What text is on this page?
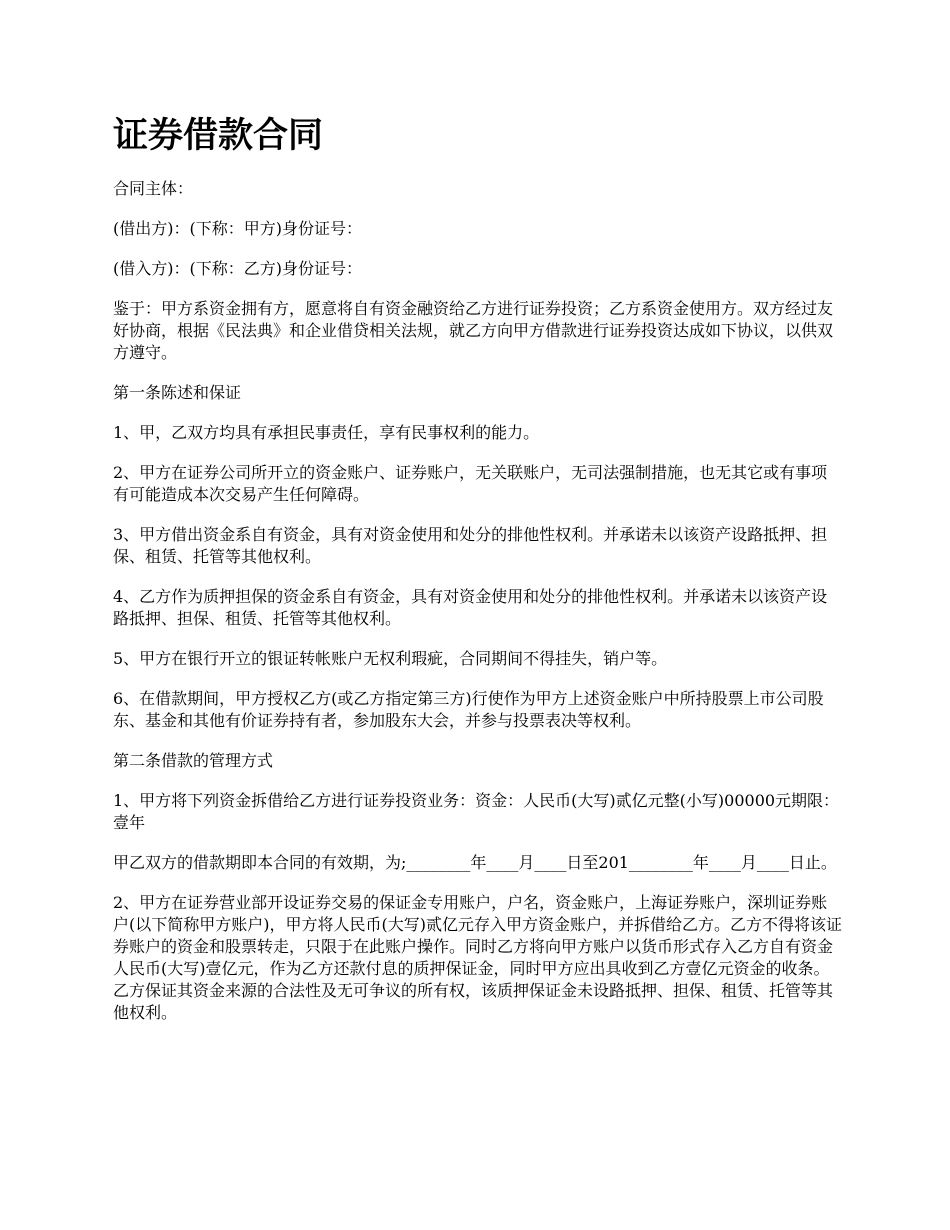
证券借款合同

合同主体：

(借出方)：(下称：甲方)身份证号：

(借入方)：(下称：乙方)身份证号：

鉴于：甲方系资金拥有方，愿意将自有资金融资给乙方进行证券投资；乙方系资金使用方。双方经过友好协商，根据《民法典》和企业借贷相关法规，就乙方向甲方借款进行证券投资达成如下协议，以供双方遵守。

第一条陈述和保证

1、甲，乙双方均具有承担民事责任，享有民事权利的能力。

2、甲方在证券公司所开立的资金账户、证券账户，无关联账户，无司法强制措施，也无其它或有事项有可能造成本次交易产生任何障碍。

3、甲方借出资金系自有资金，具有对资金使用和处分的排他性权利。并承诺未以该资产设路抵押、担保、租赁、托管等其他权利。

4、乙方作为质押担保的资金系自有资金，具有对资金使用和处分的排他性权利。并承诺未以该资产设路抵押、担保、租赁、托管等其他权利。

5、甲方在银行开立的银证转帐账户无权利瑕疵，合同期间不得挂失，销户等。

6、在借款期间，甲方授权乙方(或乙方指定第三方)行使作为甲方上述资金账户中所持股票上市公司股东、基金和其他有价证券持有者，参加股东大会，并参与投票表决等权利。

第二条借款的管理方式

1、甲方将下列资金拆借给乙方进行证券投资业务：资金：人民币(大写)贰亿元整(小写)00000元期限：壹年

甲乙双方的借款期即本合同的有效期，为;________年____月____日至201________年____月____日止。

2、甲方在证券营业部开设证券交易的保证金专用账户，户名，资金账户，上海证券账户，深圳证券账户(以下简称甲方账户)，甲方将人民币(大写)贰亿元存入甲方资金账户，并拆借给乙方。乙方不得将该证券账户的资金和股票转走，只限于在此账户操作。同时乙方将向甲方账户以货币形式存入乙方自有资金人民币(大写)壹亿元，作为乙方还款付息的质押保证金，同时甲方应出具收到乙方壹亿元资金的收条。乙方保证其资金来源的合法性及无可争议的所有权，该质押保证金未设路抵押、担保、租赁、托管等其他权利。
